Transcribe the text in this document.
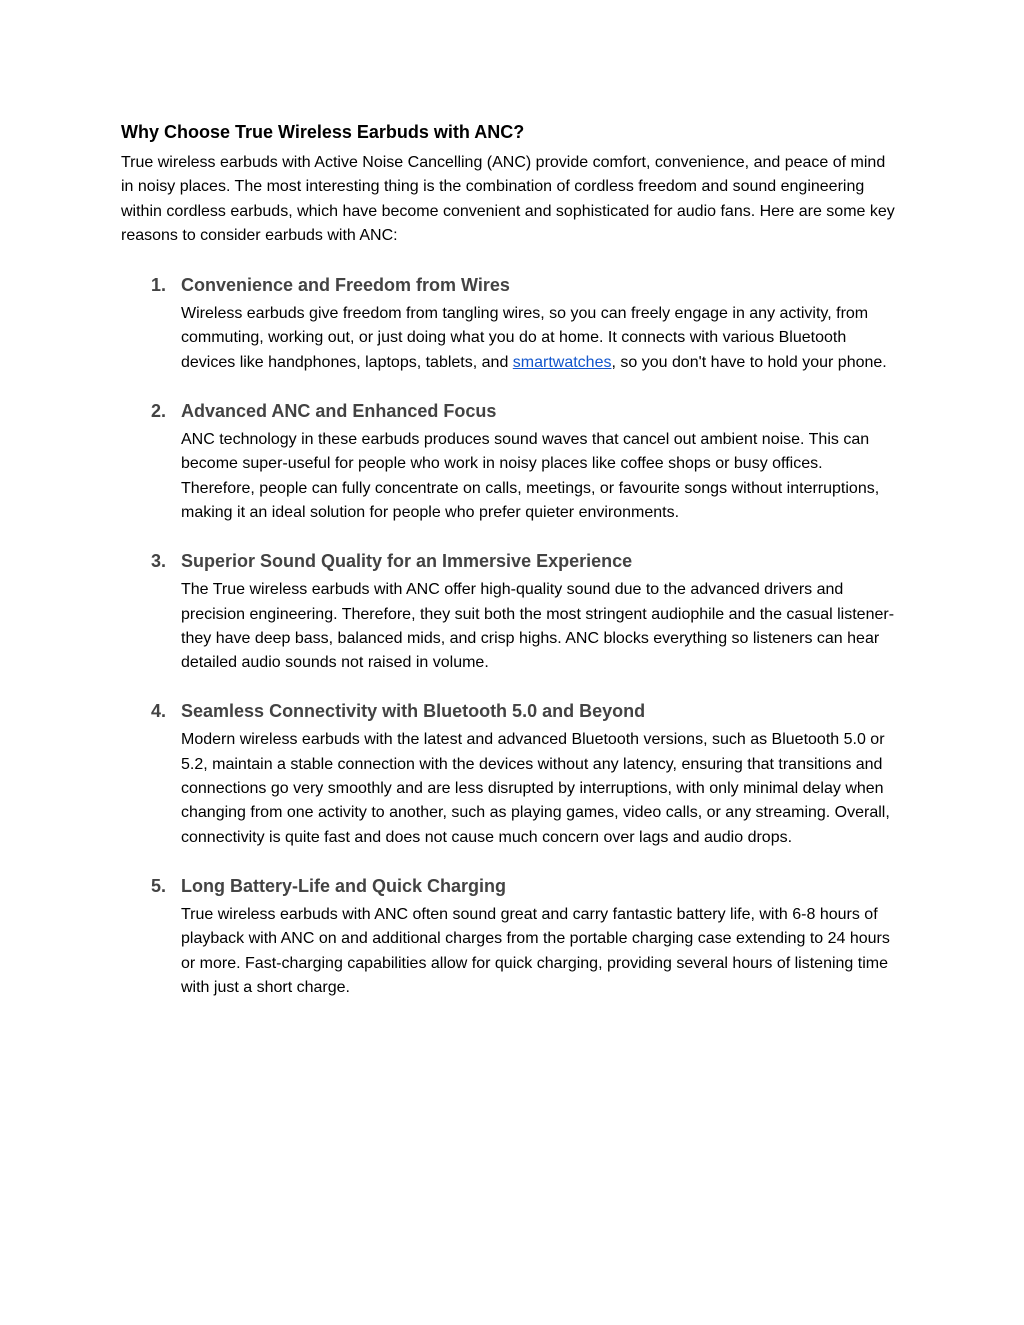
Why Choose True Wireless Earbuds with ANC?

True wireless earbuds with Active Noise Cancelling (ANC) provide comfort, convenience, and peace of mind in noisy places. The most interesting thing is the combination of cordless freedom and sound engineering within cordless earbuds, which have become convenient and sophisticated for audio fans. Here are some key reasons to consider earbuds with ANC:

1. Convenience and Freedom from Wires

Wireless earbuds give freedom from tangling wires, so you can freely engage in any activity, from commuting, working out, or just doing what you do at home. It connects with various Bluetooth devices like handphones, laptops, tablets, and smartwatches, so you don't have to hold your phone.

2. Advanced ANC and Enhanced Focus

ANC technology in these earbuds produces sound waves that cancel out ambient noise. This can become super-useful for people who work in noisy places like coffee shops or busy offices. Therefore, people can fully concentrate on calls, meetings, or favourite songs without interruptions, making it an ideal solution for people who prefer quieter environments.

3. Superior Sound Quality for an Immersive Experience

The True wireless earbuds with ANC offer high-quality sound due to the advanced drivers and precision engineering. Therefore, they suit both the most stringent audiophile and the casual listener-they have deep bass, balanced mids, and crisp highs. ANC blocks everything so listeners can hear detailed audio sounds not raised in volume.

4. Seamless Connectivity with Bluetooth 5.0 and Beyond

Modern wireless earbuds with the latest and advanced Bluetooth versions, such as Bluetooth 5.0 or 5.2, maintain a stable connection with the devices without any latency, ensuring that transitions and connections go very smoothly and are less disrupted by interruptions, with only minimal delay when changing from one activity to another, such as playing games, video calls, or any streaming. Overall, connectivity is quite fast and does not cause much concern over lags and audio drops.

5. Long Battery-Life and Quick Charging

True wireless earbuds with ANC often sound great and carry fantastic battery life, with 6-8 hours of playback with ANC on and additional charges from the portable charging case extending to 24 hours or more. Fast-charging capabilities allow for quick charging, providing several hours of listening time with just a short charge.
